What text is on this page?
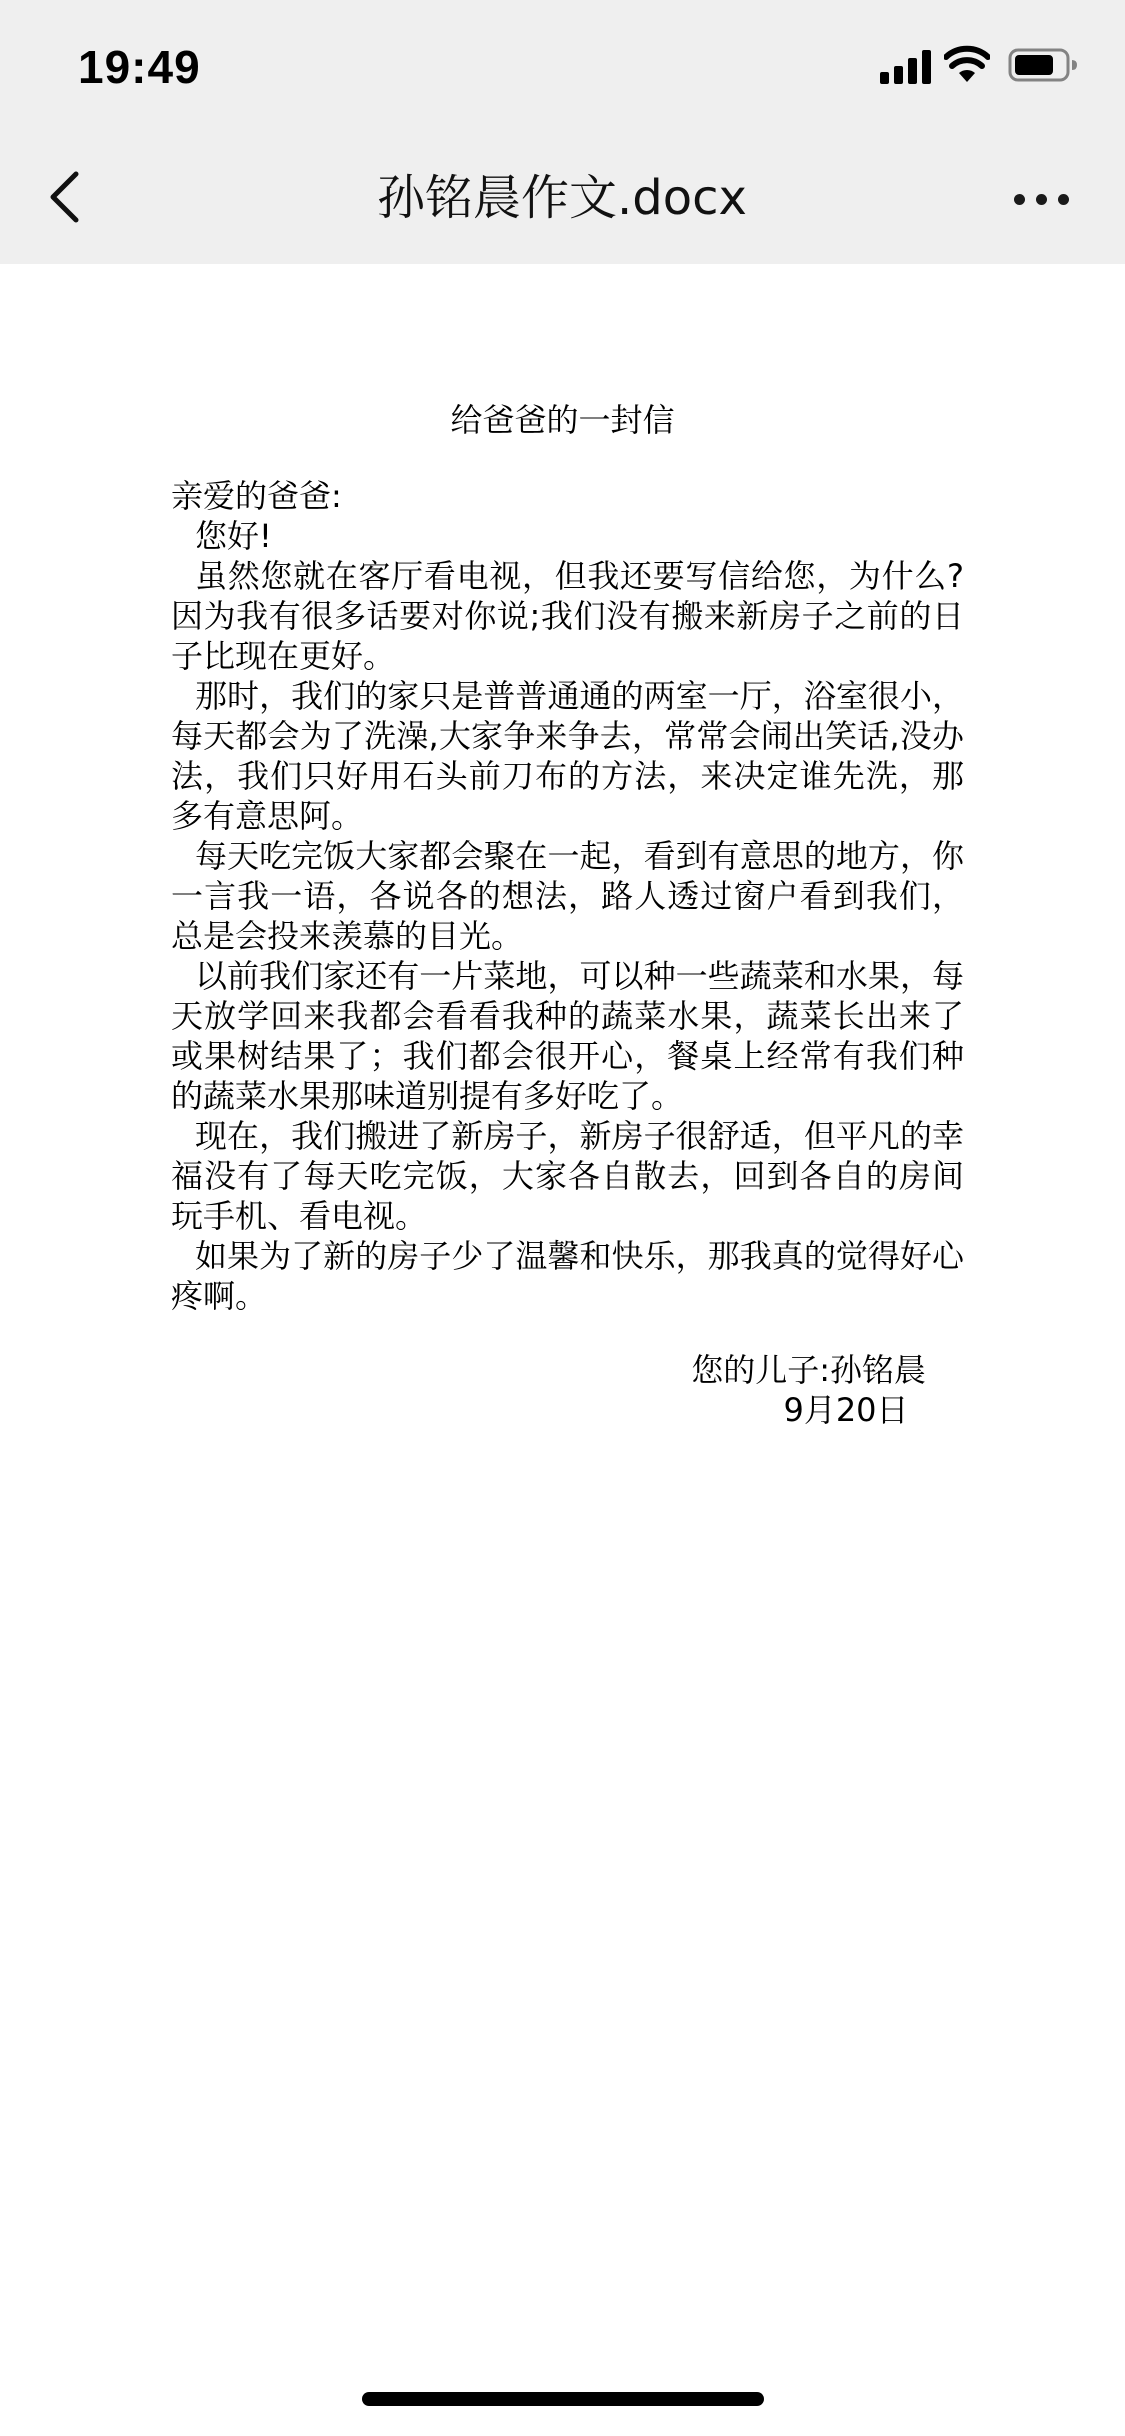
19:49
孙铭晨作文.docx
给爸爸的一封信

亲爱的爸爸:

您好!

虽然您就在客厅看电视，但我还要写信给您，为什么?因为我有很多话要对你说;我们没有搬来新房子之前的日子比现在更好。

那时，我们的家只是普普通通的两室一厅，浴室很小，每天都会为了洗澡,大家争来争去，常常会闹出笑话,没办法，我们只好用石头前刀布的方法，来决定谁先洗，那多有意思阿。

每天吃完饭大家都会聚在一起，看到有意思的地方，你一言我一语，各说各的想法，路人透过窗户看到我们，总是会投来羡慕的目光。

以前我们家还有一片菜地，可以种一些蔬菜和水果，每天放学回来我都会看看我种的蔬菜水果，蔬菜长出来了或果树结果了；我们都会很开心，餐桌上经常有我们种的蔬菜水果那味道别提有多好吃了。

现在，我们搬进了新房子，新房子很舒适，但平凡的幸福没有了每天吃完饭，大家各自散去，回到各自的房间玩手机、看电视。

如果为了新的房子少了温馨和快乐，那我真的觉得好心疼啊。

您的儿子:孙铭晨
9月20日
